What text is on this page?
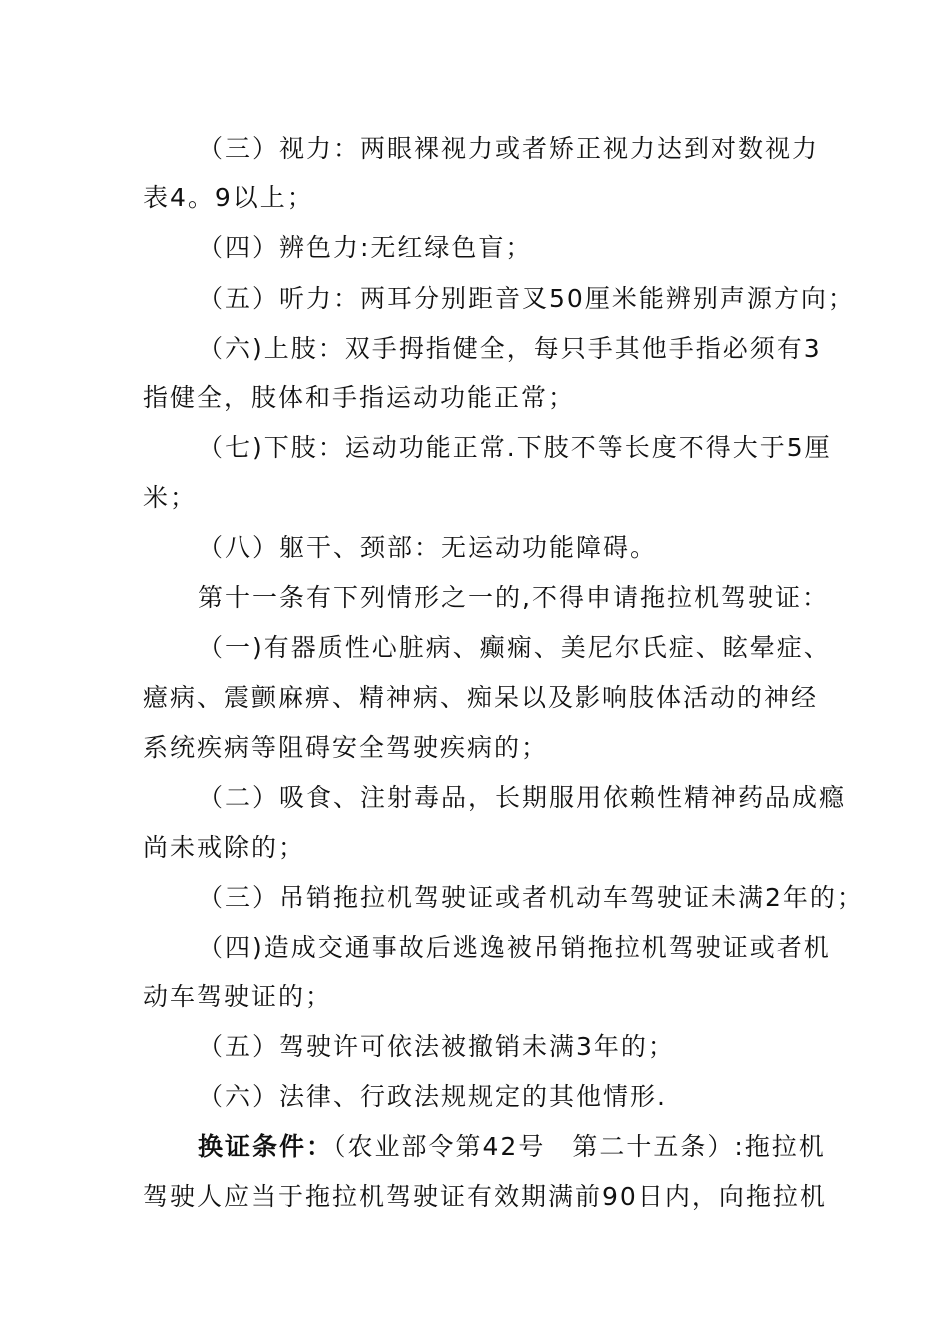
（三）视力：两眼裸视力或者矫正视力达到对数视力
表4。9以上；
（四）辨色力:无红绿色盲；
（五）听力：两耳分别距音叉50厘米能辨别声源方向；
（六)上肢：双手拇指健全，每只手其他手指必须有3
指健全，肢体和手指运动功能正常；
（七)下肢：运动功能正常.下肢不等长度不得大于5厘
米；
（八）躯干、颈部：无运动功能障碍。
第十一条有下列情形之一的,不得申请拖拉机驾驶证：
（一)有器质性心脏病、癫痫、美尼尔氏症、眩晕症、
癔病、震颤麻痹、精神病、痴呆以及影响肢体活动的神经
系统疾病等阻碍安全驾驶疾病的；
（二）吸食、注射毒品，长期服用依赖性精神药品成瘾
尚未戒除的；
（三）吊销拖拉机驾驶证或者机动车驾驶证未满2年的；
（四)造成交通事故后逃逸被吊销拖拉机驾驶证或者机
动车驾驶证的；
（五）驾驶许可依法被撤销未满3年的；
（六）法律、行政法规规定的其他情形.
换证条件：（农业部令第42号　第二十五条）:拖拉机
驾驶人应当于拖拉机驾驶证有效期满前90日内，向拖拉机
